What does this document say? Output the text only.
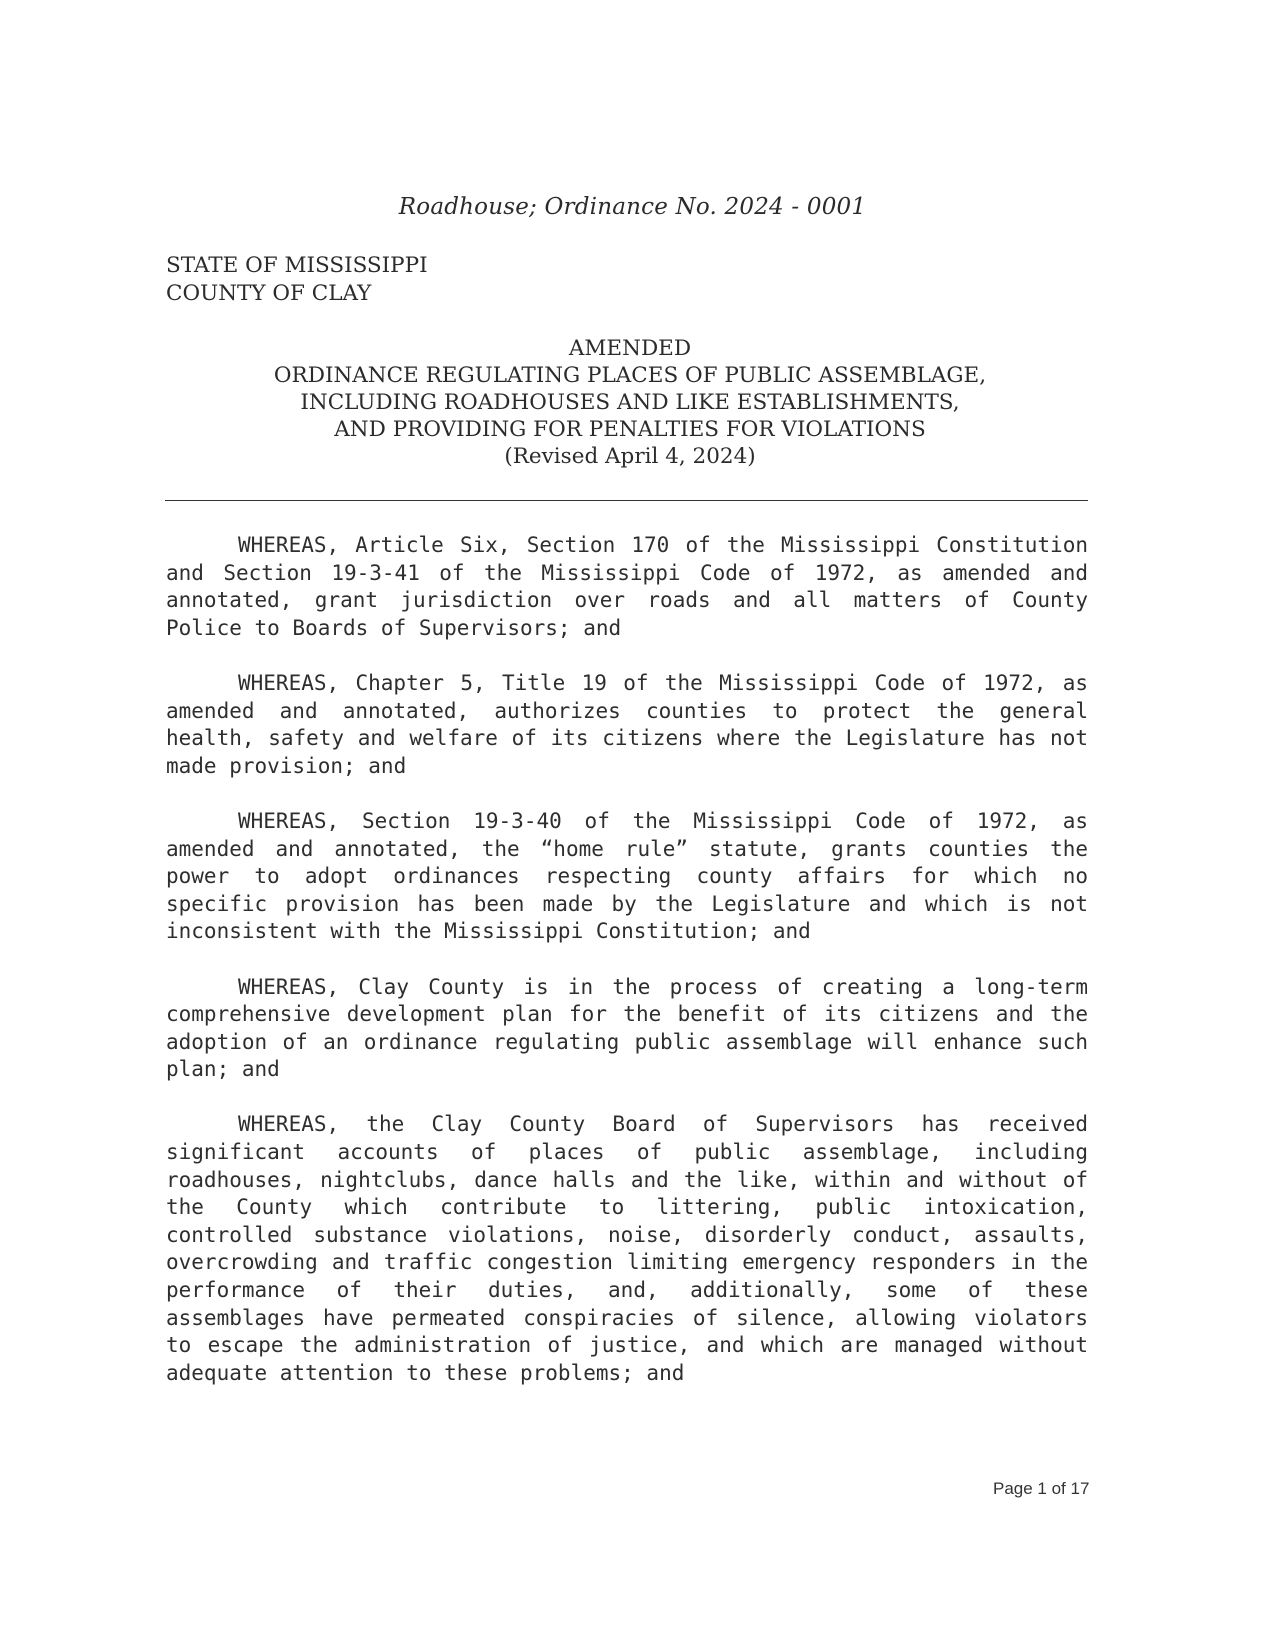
Roadhouse; Ordinance No. 2024 - 0001
STATE OF MISSISSIPPI
COUNTY OF CLAY
AMENDED
ORDINANCE REGULATING PLACES OF PUBLIC ASSEMBLAGE,
INCLUDING ROADHOUSES AND LIKE ESTABLISHMENTS,
AND PROVIDING FOR PENALTIES FOR VIOLATIONS
(Revised April 4, 2024)

WHEREAS, Article Six, Section 170 of the Mississippi Constitution and Section 19-3-41 of the Mississippi Code of 1972, as amended and annotated, grant jurisdiction over roads and all matters of County Police to Boards of Supervisors; and

WHEREAS, Chapter 5, Title 19 of the Mississippi Code of 1972, as amended and annotated, authorizes counties to protect the general health, safety and welfare of its citizens where the Legislature has not made provision; and

WHEREAS, Section 19-3-40 of the Mississippi Code of 1972, as amended and annotated, the “home rule” statute, grants counties the power to adopt ordinances respecting county affairs for which no specific provision has been made by the Legislature and which is not inconsistent with the Mississippi Constitution; and

WHEREAS, Clay County is in the process of creating a long-term comprehensive development plan for the benefit of its citizens and the adoption of an ordinance regulating public assemblage will enhance such plan; and

WHEREAS, the Clay County Board of Supervisors has received significant accounts of places of public assemblage, including roadhouses, nightclubs, dance halls and the like, within and without of the County which contribute to littering, public intoxication, controlled substance violations, noise, disorderly conduct, assaults, overcrowding and traffic congestion limiting emergency responders in the performance of their duties, and, additionally, some of these assemblages have permeated conspiracies of silence, allowing violators to escape the administration of justice, and which are managed without adequate attention to these problems; and

Page 1 of 17
